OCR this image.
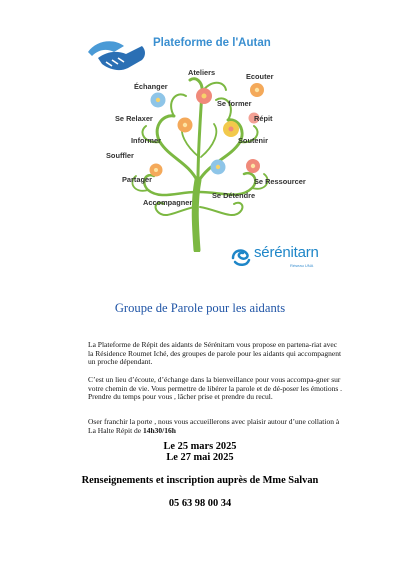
Plateforme de l'Autan
Ateliers	Ecouter
Échanger
Se former
Se Relaxer	Répit
Informer	Soutenir
Souffler
Partager	Se Ressourcer
Se Détendre
Accompagner
sérénitarn
Réseau UNA
Groupe de Parole pour les aidants
La Plateforme de Répit des aidants de Sérénitarn vous propose en partena-riat avec la Résidence Roumet Iché, des groupes de parole pour les aidants qui accompagnent un proche dépendant.
C’est un lieu d’écoute, d’échange dans la bienveillance pour vous accompa-gner sur votre chemin de vie. Vous permettre de libérer la parole et de dé-poser les émotions . Prendre du temps pour vous , lâcher prise et prendre du recul.
Oser franchir la porte , nous vous accueillerons avec plaisir autour d’une collation à La Halte Répit de 14h30/16h
Le 25 mars 2025
Le 27 mai 2025
Renseignements et inscription auprès de Mme Salvan
05 63 98 00 34
